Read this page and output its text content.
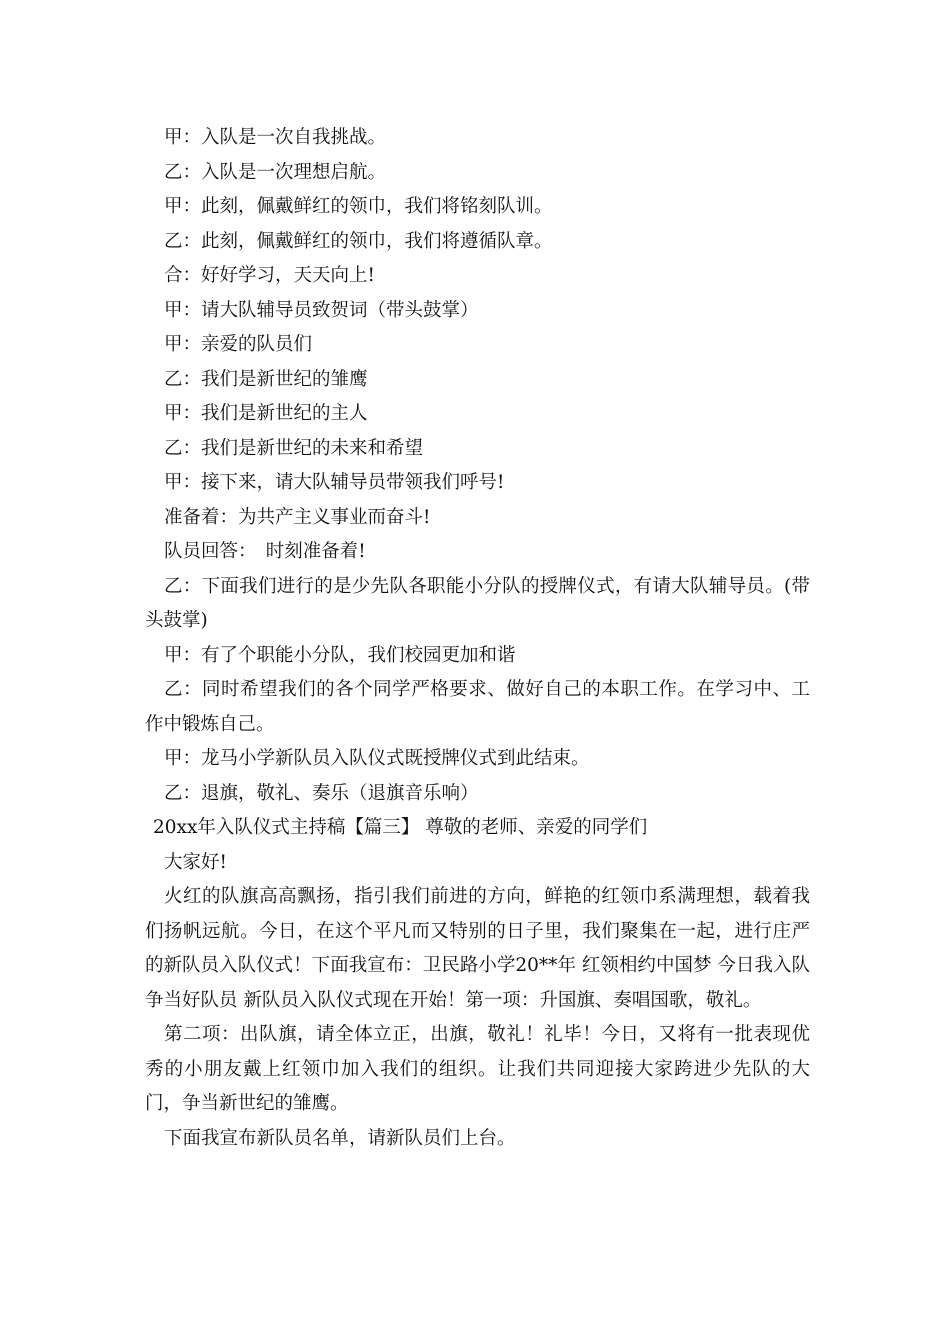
甲：入队是一次自我挑战。
乙：入队是一次理想启航。
甲：此刻，佩戴鲜红的领巾，我们将铭刻队训。
乙：此刻，佩戴鲜红的领巾，我们将遵循队章。
合：好好学习，天天向上!
甲：请大队辅导员致贺词（带头鼓掌）
甲：亲爱的队员们
乙：我们是新世纪的雏鹰
甲：我们是新世纪的主人
乙：我们是新世纪的未来和希望
甲：接下来，请大队辅导员带领我们呼号!
准备着：为共产主义事业而奋斗!
队员回答：　时刻准备着!
乙：下面我们进行的是少先队各职能小分队的授牌仪式，有请大队辅导员。(带头鼓掌)
甲：有了个职能小分队，我们校园更加和谐
乙：同时希望我们的各个同学严格要求、做好自己的本职工作。在学习中、工作中锻炼自己。
甲：龙马小学新队员入队仪式既授牌仪式到此结束。
乙：退旗，敬礼、奏乐（退旗音乐响）
20xx年入队仪式主持稿【篇三】 尊敬的老师、亲爱的同学们
大家好!
火红的队旗高高飘扬，指引我们前进的方向，鲜艳的红领巾系满理想，载着我们扬帆远航。今日，在这个平凡而又特别的日子里，我们聚集在一起，进行庄严的新队员入队仪式！下面我宣布：卫民路小学20**年 红领相约中国梦 今日我入队争当好队员 新队员入队仪式现在开始！第一项：升国旗、奏唱国歌，敬礼。
第二项：出队旗，请全体立正，出旗，敬礼！礼毕！今日，又将有一批表现优秀的小朋友戴上红领巾加入我们的组织。让我们共同迎接大家跨进少先队的大门，争当新世纪的雏鹰。
下面我宣布新队员名单，请新队员们上台。
